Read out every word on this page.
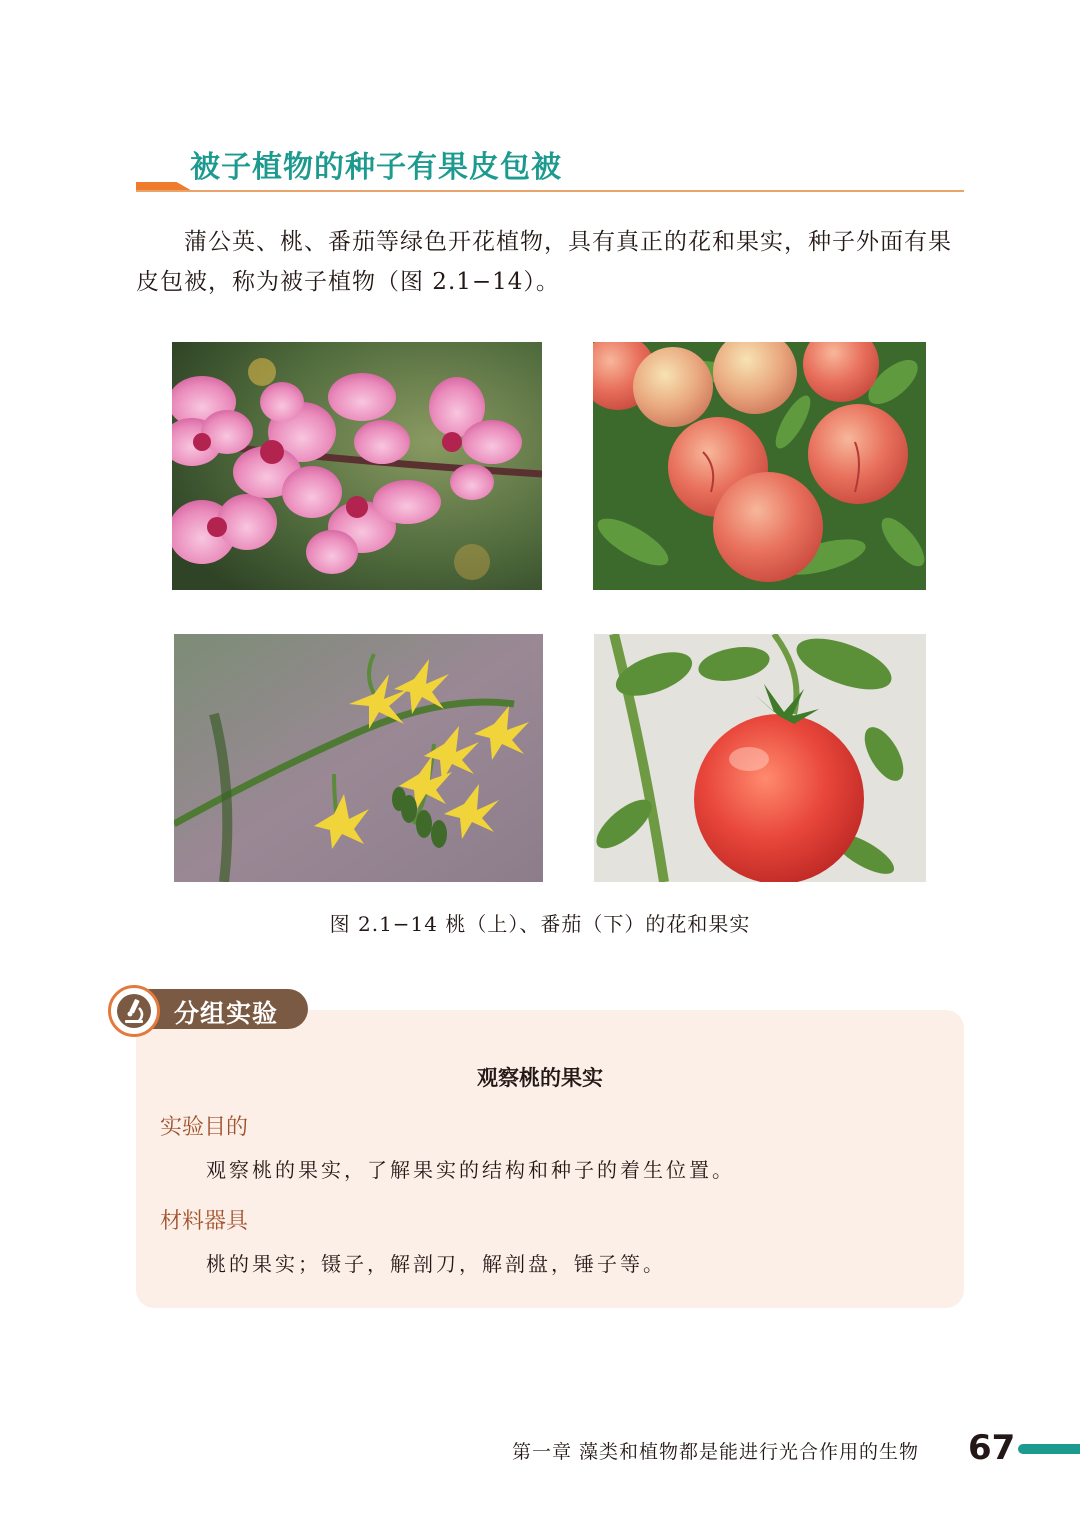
被子植物的种子有果皮包被
蒲公英、桃、番茄等绿色开花植物，具有真正的花和果实，种子外面有果皮包被，称为被子植物（图 2.1−14）。
图 2.1−14 桃（上）、番茄（下）的花和果实
分组实验
观察桃的果实
实验目的
观察桃的果实，了解果实的结构和种子的着生位置。
材料器具
桃的果实；镊子，解剖刀，解剖盘，锤子等。
第一章 藻类和植物都是能进行光合作用的生物 67
